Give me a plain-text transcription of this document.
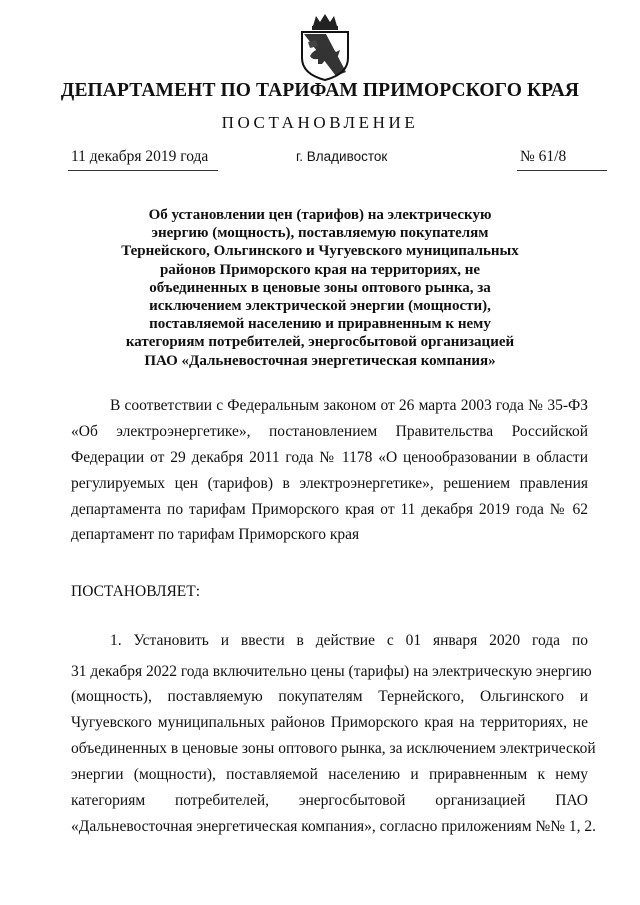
ДЕПАРТАМЕНТ ПО ТАРИФАМ ПРИМОРСКОГО КРАЯ
ПОСТАНОВЛЕНИЕ
11 декабря 2019 года	г. Владивосток	№ 61/8
Об установлении цен (тарифов) на электрическую
энергию (мощность), поставляемую покупателям
Тернейского, Ольгинского и Чугуевского муниципальных
районов Приморского края на территориях, не
объединенных в ценовые зоны оптового рынка, за
исключением электрической энергии (мощности),
поставляемой населению и приравненным к нему
категориям потребителей, энергосбытовой организацией
ПАО «Дальневосточная энергетическая компания»
В соответствии с Федеральным законом от 26 марта 2003 года № 35-ФЗ
«Об электроэнергетике», постановлением Правительства Российской
Федерации от 29 декабря 2011 года № 1178 «О ценообразовании в области
регулируемых цен (тарифов) в электроэнергетике», решением правления
департамента по тарифам Приморского края от 11 декабря 2019 года № 62
департамент по тарифам Приморского края
ПОСТАНОВЛЯЕТ:
1. Установить и ввести в действие с 01 января 2020 года по
31 декабря 2022 года включительно цены (тарифы) на электрическую энергию
(мощность), поставляемую покупателям Тернейского, Ольгинского и
Чугуевского муниципальных районов Приморского края на территориях, не
объединенных в ценовые зоны оптового рынка, за исключением электрической
энергии (мощности), поставляемой населению и приравненным к нему
категориям потребителей, энергосбытовой организацией ПАО
«Дальневосточная энергетическая компания», согласно приложениям №№ 1, 2.
